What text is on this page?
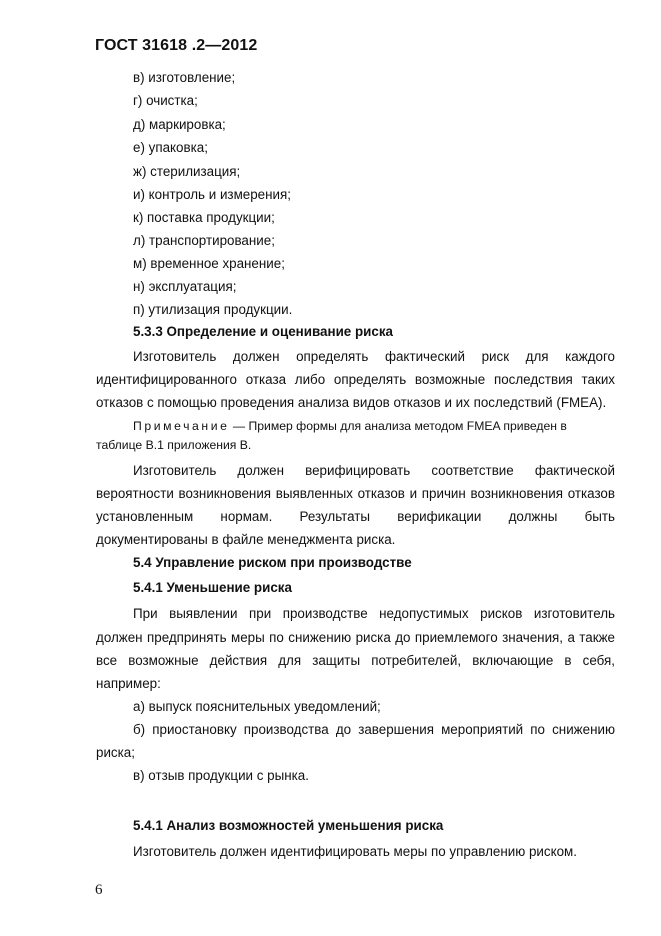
ГОСТ 31618 .2—2012
в) изготовление;
г) очистка;
д) маркировка;
е) упаковка;
ж) стерилизация;
и) контроль и измерения;
к) поставка продукции;
л) транспортирование;
м) временное хранение;
н) эксплуатация;
п) утилизация продукции.
5.3.3 Определение и оценивание риска
Изготовитель должен определять фактический риск для каждого
идентифицированного отказа либо определять возможные последствия таких
отказов с помощью проведения анализа видов отказов и их последствий (FMEA).
Примечание — Пример формы для анализа методом FMEA приведен в
таблице В.1 приложения В.
Изготовитель должен верифицировать соответствие фактической
вероятности возникновения выявленных отказов и причин возникновения отказов
установленным нормам. Результаты верификации должны быть
документированы в файле менеджмента риска.
5.4 Управление риском при производстве
5.4.1 Уменьшение риска
При выявлении при производстве недопустимых рисков изготовитель
должен предпринять меры по снижению риска до приемлемого значения, а также
все возможные действия для защиты потребителей, включающие в себя,
например:
а) выпуск пояснительных уведомлений;
б) приостановку производства до завершения мероприятий по снижению
риска;
в) отзыв продукции с рынка.
5.4.1 Анализ возможностей уменьшения риска
Изготовитель должен идентифицировать меры по управлению риском.
6
